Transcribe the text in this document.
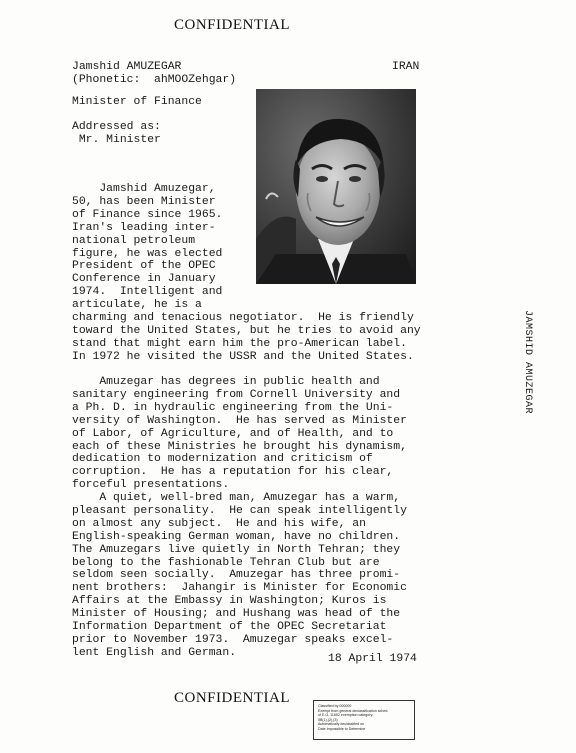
CONFIDENTIAL
Jamshid AMUZEGAR
(Phonetic:  ahMOOZehgar)
IRAN
Minister of Finance
Addressed as:
Mr. Minister
Jamshid Amuzegar,
50, has been Minister
of Finance since 1965.
Iran's leading inter-
national petroleum
figure, he was elected
President of the OPEC
Conference in January
1974.  Intelligent and
articulate, he is a
charming and tenacious negotiator.  He is friendly
toward the United States, but he tries to avoid any
stand that might earn him the pro-American label.
In 1972 he visited the USSR and the United States.
Amuzegar has degrees in public health and
sanitary engineering from Cornell University and
a Ph. D. in hydraulic engineering from the Uni-
versity of Washington.  He has served as Minister
of Labor, of Agriculture, and of Health, and to
each of these Ministries he brought his dynamism,
dedication to modernization and criticism of
corruption.  He has a reputation for his clear,
forceful presentations.
A quiet, well-bred man, Amuzegar has a warm,
pleasant personality.  He can speak intelligently
on almost any subject.  He and his wife, an
English-speaking German woman, have no children.
The Amuzegars live quietly in North Tehran; they
belong to the fashionable Tehran Club but are
seldom seen socially.  Amuzegar has three promi-
nent brothers:  Jahangir is Minister for Economic
Affairs at the Embassy in Washington; Kuros is
Minister of Housing; and Hushang was head of the
Information Department of the OPEC Secretariat
prior to November 1973.  Amuzegar speaks excel-
lent English and German.
18 April 1974
JAMSHID AMUZEGAR
CONFIDENTIAL	Classified by 000000
Exempt from general declassification sched.
of E.O. 11652 exemption category:
5B(1),(2),(3)
Automatically declassified on
Date Impossible to Determine
